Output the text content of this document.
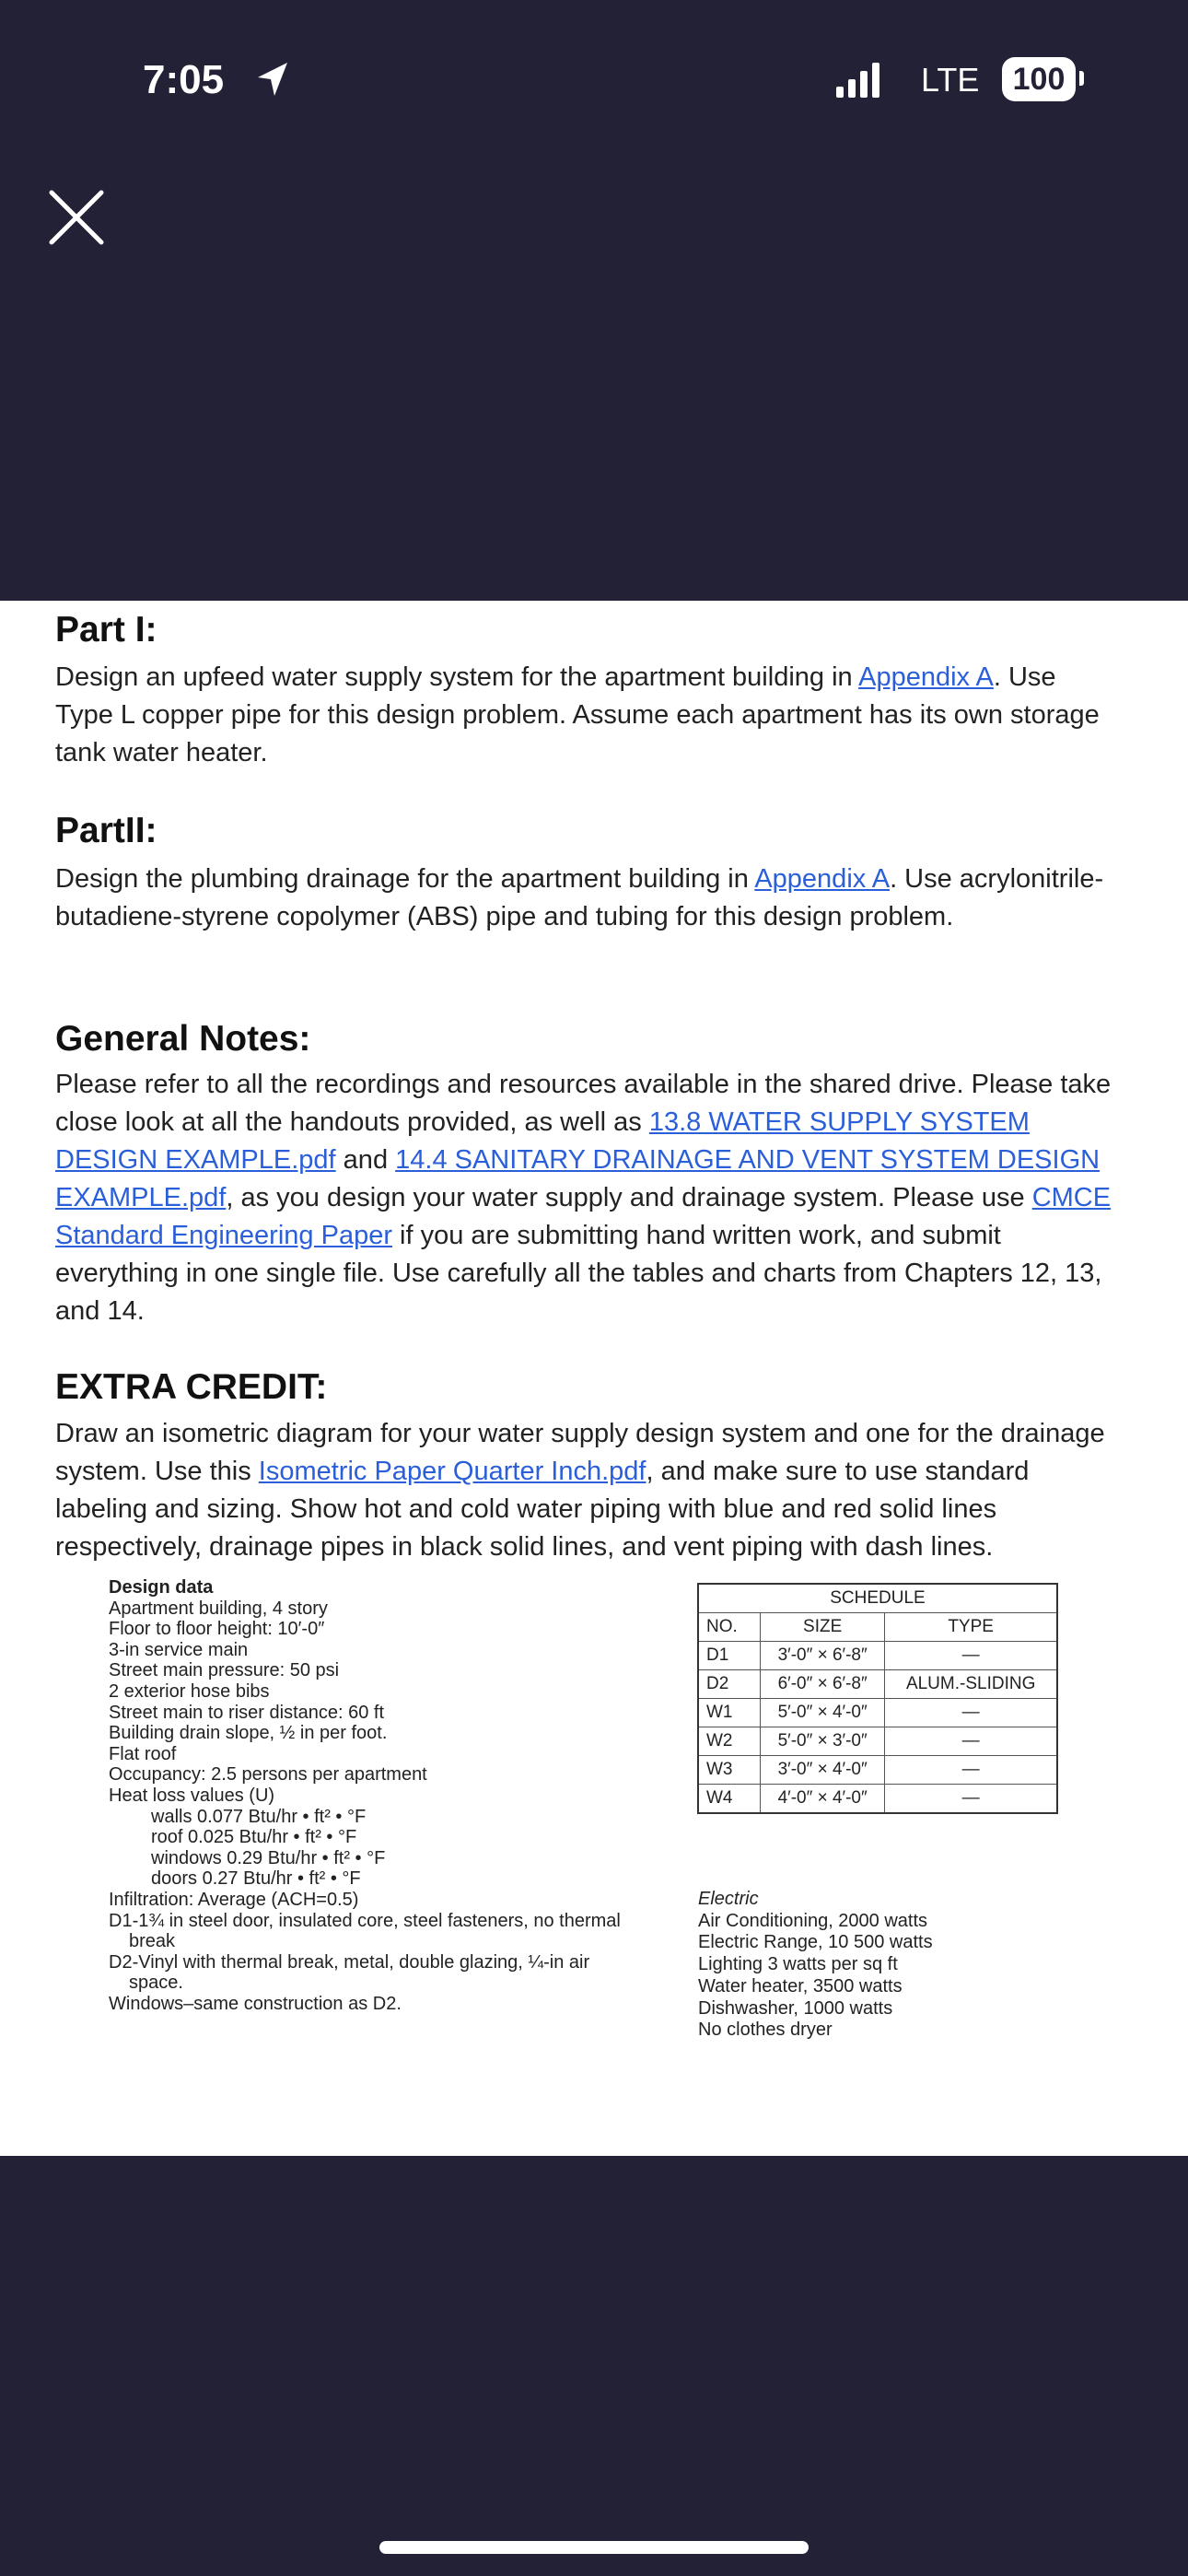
7:05	LTE	100
Part I:

Design an upfeed water supply system for the apartment building in Appendix A. Use Type L copper pipe for this design problem. Assume each apartment has its own storage tank water heater.

PartII:

Design the plumbing drainage for the apartment building in Appendix A. Use acrylonitrile-butadiene-styrene copolymer (ABS) pipe and tubing for this design problem.

General Notes:

Please refer to all the recordings and resources available in the shared drive. Please take close look at all the handouts provided, as well as 13.8 WATER SUPPLY SYSTEM DESIGN EXAMPLE.pdf and 14.4 SANITARY DRAINAGE AND VENT SYSTEM DESIGN EXAMPLE.pdf, as you design your water supply and drainage system. Please use CMCE Standard Engineering Paper if you are submitting hand written work, and submit everything in one single file. Use carefully all the tables and charts from Chapters 12, 13, and 14.

EXTRA CREDIT:

Draw an isometric diagram for your water supply design system and one for the drainage system. Use this Isometric Paper Quarter Inch.pdf, and make sure to use standard labeling and sizing. Show hot and cold water piping with blue and red solid lines respectively, drainage pipes in black solid lines, and vent piping with dash lines.

Design data
Apartment building, 4 story
Floor to floor height: 10′-0″
3-in service main
Street main pressure: 50 psi
2 exterior hose bibs
Street main to riser distance: 60 ft
Building drain slope, ½ in per foot.
Flat roof
Occupancy: 2.5 persons per apartment
Heat loss values (U)
walls 0.077 Btu/hr • ft² • °F
roof 0.025 Btu/hr • ft² • °F
windows 0.29 Btu/hr • ft² • °F
doors 0.27 Btu/hr • ft² • °F
Infiltration: Average (ACH=0.5)
D1-1¾ in steel door, insulated core, steel fasteners, no thermal break
D2-Vinyl with thermal break, metal, double glazing, ¼-in air space.
Windows–same construction as D2.
SCHEDULE		
NO.	SIZE	TYPE
D1	3′-0″ × 6′-8″	—
D2	6′-0″ × 6′-8″	ALUM.-SLIDING
W1	5′-0″ × 4′-0″	—
W2	5′-0″ × 3′-0″	—
W3	3′-0″ × 4′-0″	—
W4	4′-0″ × 4′-0″	—
Electric
Air Conditioning, 2000 watts
Electric Range, 10 500 watts
Lighting 3 watts per sq ft
Water heater, 3500 watts
Dishwasher, 1000 watts
No clothes dryer
